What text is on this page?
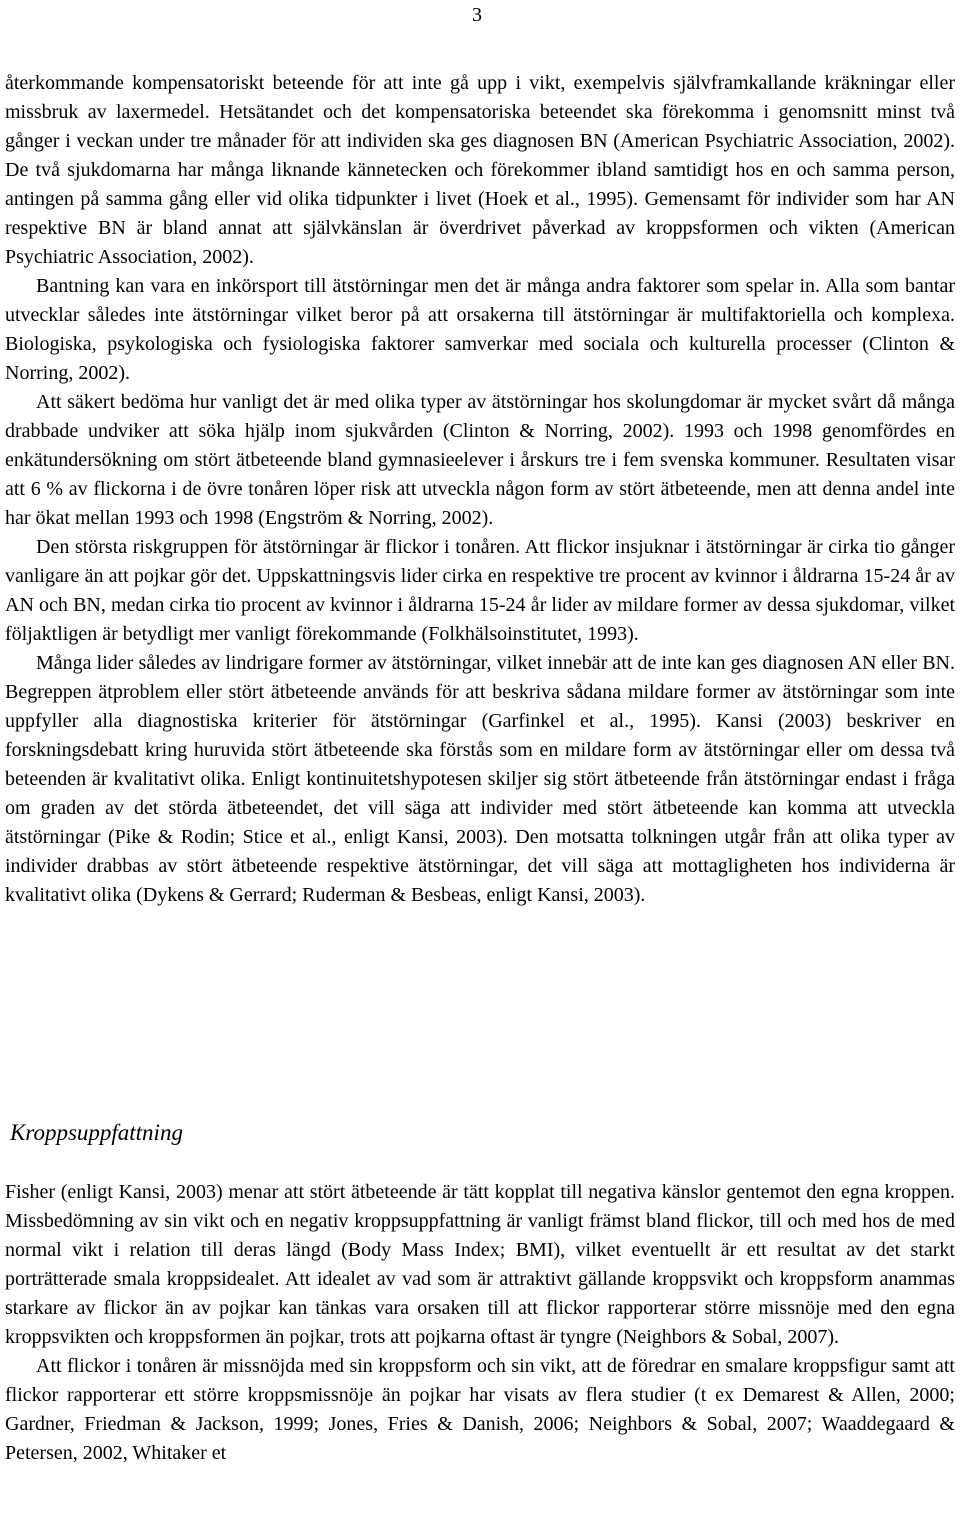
3

återkommande kompensatoriskt beteende för att inte gå upp i vikt, exempelvis självframkallande kräkningar eller missbruk av laxermedel. Hetsätandet och det kompensatoriska beteendet ska förekomma i genomsnitt minst två gånger i veckan under tre månader för att individen ska ges diagnosen BN (American Psychiatric Association, 2002). De två sjukdomarna har många liknande kännetecken och förekommer ibland samtidigt hos en och samma person, antingen på samma gång eller vid olika tidpunkter i livet (Hoek et al., 1995). Gemensamt för individer som har AN respektive BN är bland annat att självkänslan är överdrivet påverkad av kroppsformen och vikten (American Psychiatric Association, 2002).

Bantning kan vara en inkörsport till ätstörningar men det är många andra faktorer som spelar in. Alla som bantar utvecklar således inte ätstörningar vilket beror på att orsakerna till ätstörningar är multifaktoriella och komplexa. Biologiska, psykologiska och fysiologiska faktorer samverkar med sociala och kulturella processer (Clinton & Norring, 2002).

Att säkert bedöma hur vanligt det är med olika typer av ätstörningar hos skolungdomar är mycket svårt då många drabbade undviker att söka hjälp inom sjukvården (Clinton & Norring, 2002). 1993 och 1998 genomfördes en enkätundersökning om stört ätbeteende bland gymnasieelever i årskurs tre i fem svenska kommuner. Resultaten visar att 6 % av flickorna i de övre tonåren löper risk att utveckla någon form av stört ätbeteende, men att denna andel inte har ökat mellan 1993 och 1998 (Engström & Norring, 2002).

Den största riskgruppen för ätstörningar är flickor i tonåren. Att flickor insjuknar i ätstörningar är cirka tio gånger vanligare än att pojkar gör det. Uppskattningsvis lider cirka en respektive tre procent av kvinnor i åldrarna 15-24 år av AN och BN, medan cirka tio procent av kvinnor i åldrarna 15-24 år lider av mildare former av dessa sjukdomar, vilket följaktligen är betydligt mer vanligt förekommande (Folkhälsoinstitutet, 1993).

Många lider således av lindrigare former av ätstörningar, vilket innebär att de inte kan ges diagnosen AN eller BN. Begreppen ätproblem eller stört ätbeteende används för att beskriva sådana mildare former av ätstörningar som inte uppfyller alla diagnostiska kriterier för ätstörningar (Garfinkel et al., 1995). Kansi (2003) beskriver en forskningsdebatt kring huruvida stört ätbeteende ska förstås som en mildare form av ätstörningar eller om dessa två beteenden är kvalitativt olika. Enligt kontinuitetshypotesen skiljer sig stört ätbeteende från ätstörningar endast i fråga om graden av det störda ätbeteendet, det vill säga att individer med stört ätbeteende kan komma att utveckla ätstörningar (Pike & Rodin; Stice et al., enligt Kansi, 2003). Den motsatta tolkningen utgår från att olika typer av individer drabbas av stört ätbeteende respektive ätstörningar, det vill säga att mottagligheten hos individerna är kvalitativt olika (Dykens & Gerrard; Ruderman & Besbeas, enligt Kansi, 2003).

Kroppsuppfattning

Fisher (enligt Kansi, 2003) menar att stört ätbeteende är tätt kopplat till negativa känslor gentemot den egna kroppen. Missbedömning av sin vikt och en negativ kroppsuppfattning är vanligt främst bland flickor, till och med hos de med normal vikt i relation till deras längd (Body Mass Index; BMI), vilket eventuellt är ett resultat av det starkt porträtterade smala kroppsidealet. Att idealet av vad som är attraktivt gällande kroppsvikt och kroppsform anammas starkare av flickor än av pojkar kan tänkas vara orsaken till att flickor rapporterar större missnöje med den egna kroppsvikten och kroppsformen än pojkar, trots att pojkarna oftast är tyngre (Neighbors & Sobal, 2007).

Att flickor i tonåren är missnöjda med sin kroppsform och sin vikt, att de föredrar en smalare kroppsfigur samt att flickor rapporterar ett större kroppsmissnöje än pojkar har visats av flera studier (t ex Demarest & Allen, 2000; Gardner, Friedman & Jackson, 1999; Jones, Fries & Danish, 2006; Neighbors & Sobal, 2007; Waaddegaard & Petersen, 2002, Whitaker et
